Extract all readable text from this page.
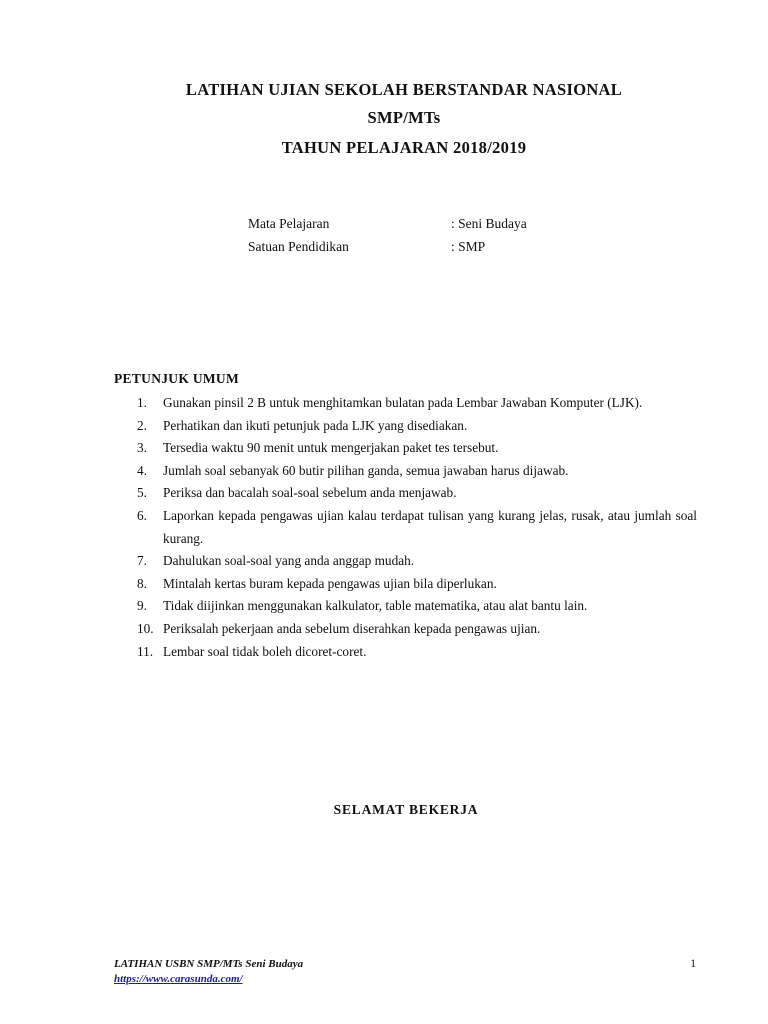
LATIHAN UJIAN SEKOLAH BERSTANDAR NASIONAL
SMP/MTs
TAHUN PELAJARAN 2018/2019
Mata Pelajaran	: Seni Budaya
Satuan Pendidikan	: SMP
PETUNJUK UMUM
1.	Gunakan pinsil 2 B untuk menghitamkan bulatan pada Lembar Jawaban Komputer (LJK).
2.	Perhatikan dan ikuti petunjuk pada LJK yang disediakan.
3.	Tersedia waktu 90 menit untuk mengerjakan paket tes tersebut.
4.	Jumlah soal sebanyak 60 butir pilihan ganda, semua jawaban harus dijawab.
5.	Periksa dan bacalah soal-soal sebelum anda menjawab.
6.	Laporkan kepada pengawas ujian kalau terdapat tulisan yang kurang jelas, rusak, atau jumlah soal kurang.
7.	Dahulukan soal-soal yang anda anggap mudah.
8.	Mintalah kertas buram kepada pengawas ujian bila diperlukan.
9.	Tidak diijinkan menggunakan kalkulator, table matematika, atau alat bantu lain.
10. Periksalah pekerjaan anda sebelum diserahkan kepada pengawas ujian.
11. Lembar soal tidak boleh dicoret-coret.
SELAMAT BEKERJA
LATIHAN USBN SMP/MTs Seni Budaya	1
https://www.carasunda.com/
